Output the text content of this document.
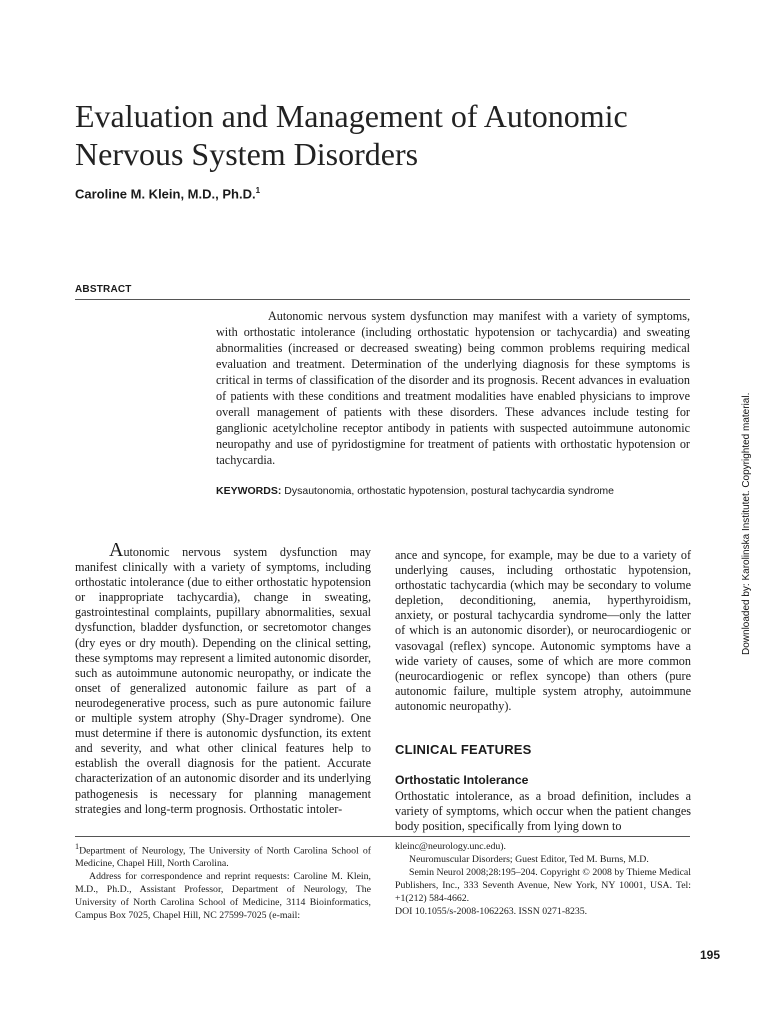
Evaluation and Management of Autonomic
Nervous System Disorders
Caroline M. Klein, M.D., Ph.D.$^1$
ABSTRACT

Autonomic nervous system dysfunction may manifest with a variety of symptoms, with orthostatic intolerance (including orthostatic hypotension or tachycardia) and sweating abnormalities (increased or decreased sweating) being common problems requiring medical evaluation and treatment. Determination of the underlying diagnosis for these symptoms is critical in terms of classification of the disorder and its prognosis. Recent advances in evaluation of patients with these conditions and treatment modalities have enabled physicians to improve overall management of patients with these disorders. These advances include testing for ganglionic acetylcholine receptor antibody in patients with suspected autoimmune autonomic neuropathy and use of pyridostigmine for treatment of patients with orthostatic hypotension or tachycardia.

KEYWORDS: Dysautonomia, orthostatic hypotension, postural tachycardia syndrome	Downloaded by: Karolinska Institutet. Copyrighted material.

Autonomic nervous system dysfunction may manifest clinically with a variety of symptoms, including orthostatic intolerance (due to either orthostatic hypotension or inappropriate tachycardia), change in sweating, gastrointestinal complaints, pupillary abnormalities, sexual dysfunction, bladder dysfunction, or secretomotor changes (dry eyes or dry mouth). Depending on the clinical setting, these symptoms may represent a limited autonomic disorder, such as autoimmune autonomic neuropathy, or indicate the onset of generalized autonomic failure as part of a neurodegenerative process, such as pure autonomic failure or multiple system atrophy (Shy-Drager syndrome). One must determine if there is autonomic dysfunction, its extent and severity, and what other clinical features help to establish the overall diagnosis for the patient. Accurate characterization of an autonomic disorder and its underlying pathogenesis is necessary for planning management strategies and long-term prognosis. Orthostatic intoler-

ance and syncope, for example, may be due to a variety of underlying causes, including orthostatic hypotension, orthostatic tachycardia (which may be secondary to volume depletion, deconditioning, anemia, hyperthyroidism, anxiety, or postural tachycardia syndrome—only the latter of which is an autonomic disorder), or neurocardiogenic or vasovagal (reflex) syncope. Autonomic symptoms have a wide variety of causes, some of which are more common (neurocardiogenic or reflex syncope) than others (pure autonomic failure, multiple system atrophy, autoimmune autonomic neuropathy).

CLINICAL FEATURES

Orthostatic Intolerance

Orthostatic intolerance, as a broad definition, includes a variety of symptoms, which occur when the patient changes body position, specifically from lying down to

$^1$Department of Neurology, The University of North Carolina School of Medicine, Chapel Hill, North Carolina.

Address for correspondence and reprint requests: Caroline M. Klein, M.D., Ph.D., Assistant Professor, Department of Neurology, The University of North Carolina School of Medicine, 3114 Bioinformatics, Campus Box 7025, Chapel Hill, NC 27599-7025 (e-mail:

kleinc@neurology.unc.edu).

Neuromuscular Disorders; Guest Editor, Ted M. Burns, M.D.

Semin Neurol 2008;28:195–204. Copyright © 2008 by Thieme Medical Publishers, Inc., 333 Seventh Avenue, New York, NY 10001, USA. Tel: +1(212) 584-4662.

DOI 10.1055/s-2008-1062263. ISSN 0271-8235.

195
